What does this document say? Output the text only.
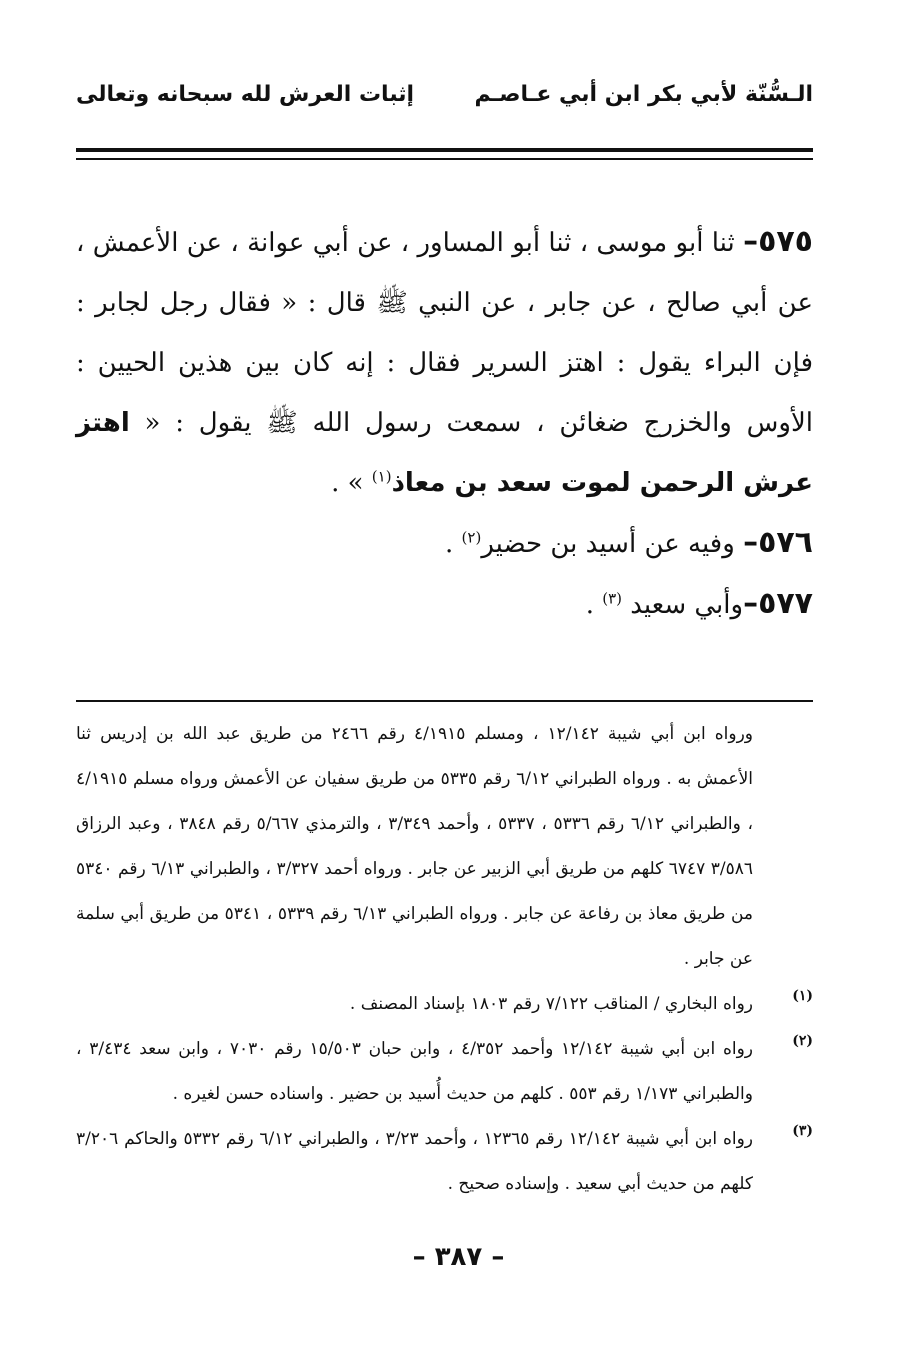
الـسُّنّة لأبي بكر ابن أبي عـاصـم
إثبات العرش لله سبحانه وتعالى

٥٧٥– ثنا أبو موسى ، ثنا أبو المساور ، عن أبي عوانة ، عن الأعمش ، عن أبي صالح ، عن جابر ، عن النبي ﷺ قال : « فقال رجل لجابر : فإن البراء يقول : اهتز السرير فقال : إنه كان بين هذين الحيين : الأوس والخزرج ضغائن ، سمعت رسول الله ﷺ يقول : « اهتز عرش الرحمن لموت سعد بن معاذ$^{(١)}$ » .

٥٧٦– وفيه عن أسيد بن حضير$^{(٢)}$ .

٥٧٧–وأبي سعيد $^{(٣)}$ .

ورواه ابن أبي شيبة ١٢/١٤٢ ، ومسلم ٤/١٩١٥ رقم ٢٤٦٦ من طريق عبد الله بن إدريس ثنا الأعمش به . ورواه الطبراني ٦/١٢ رقم ٥٣٣٥ من طريق سفيان عن الأعمش ورواه مسلم ٤/١٩١٥ ، والطبراني ٦/١٢ رقم ٥٣٣٦ ، ٥٣٣٧ ، وأحمد ٣/٣٤٩ ، والترمذي ٥/٦٦٧ رقم ٣٨٤٨ ، وعبد الرزاق ٣/٥٨٦ ٦٧٤٧ كلهم من طريق أبي الزبير عن جابر . ورواه أحمد ٣/٣٢٧ ، والطبراني ٦/١٣ رقم ٥٣٤٠ من طريق معاذ بن رفاعة عن جابر . ورواه الطبراني ٦/١٣ رقم ٥٣٣٩ ، ٥٣٤١ من طريق أبي سلمة عن جابر .

(١)
رواه البخاري / المناقب ٧/١٢٢ رقم ١٨٠٣ بإسناد المصنف .

(٢)
رواه ابن أبي شيبة ١٢/١٤٢ وأحمد ٤/٣٥٢ ، وابن حبان ١٥/٥٠٣ رقم ٧٠٣٠ ، وابن سعد ٣/٤٣٤ ، والطبراني ١/١٧٣ رقم ٥٥٣ . كلهم من حديث أُسيد بن حضير . واسناده حسن لغيره .

(٣)
رواه ابن أبي شيبة ١٢/١٤٢ رقم ١٢٣٦٥ ، وأحمد ٣/٢٣ ، والطبراني ٦/١٢ رقم ٥٣٣٢ والحاكم ٣/٢٠٦ كلهم من حديث أبي سعيد . وإسناده صحيح .

– ٣٨٧ –
